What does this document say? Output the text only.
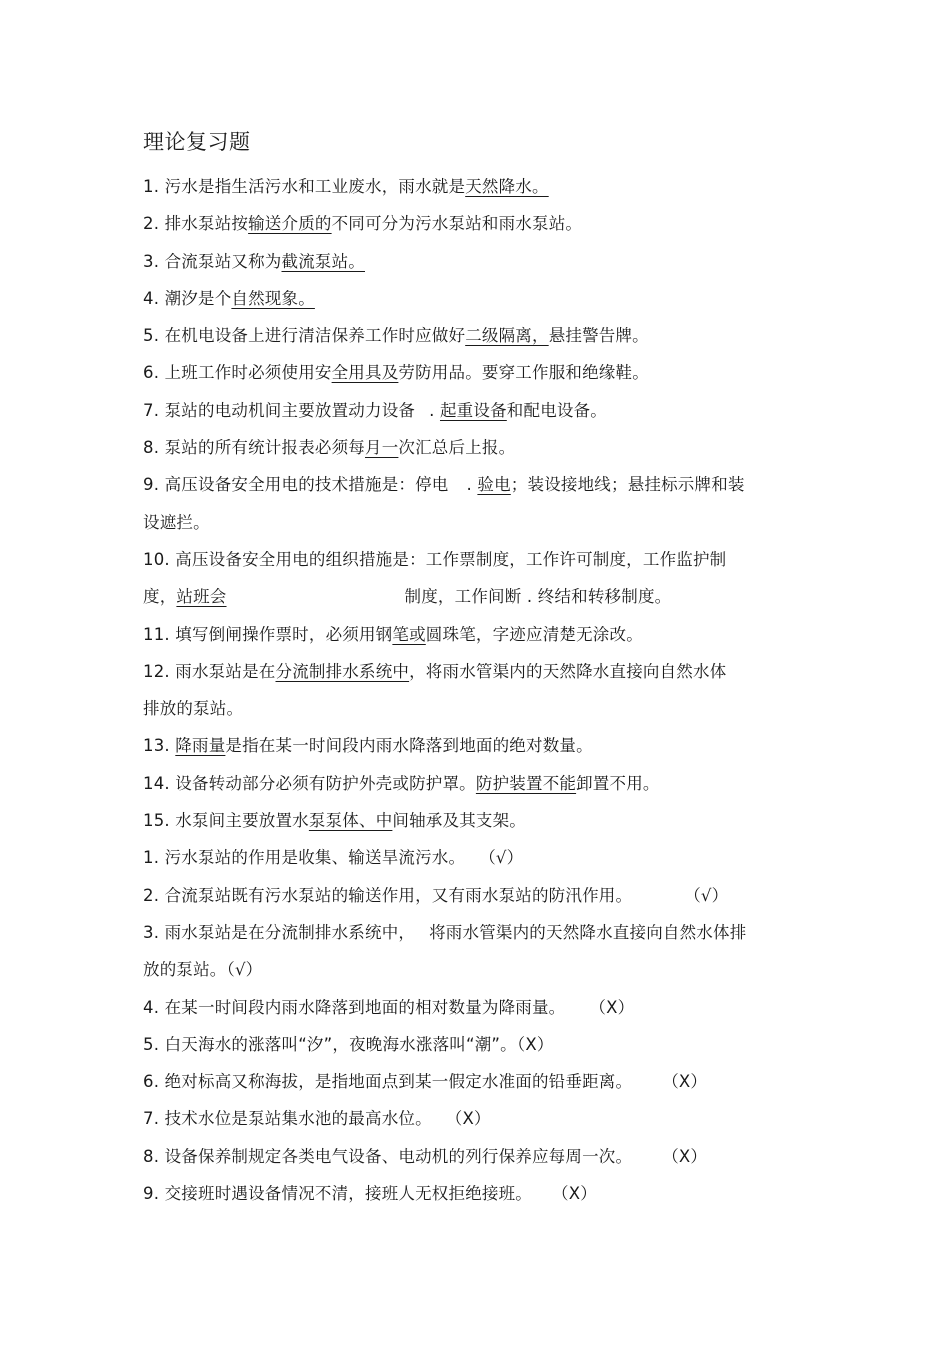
理论复习题
1. 污水是指生活污水和工业废水，雨水就是天然降水。
2. 排水泵站按输送介质的不同可分为污水泵站和雨水泵站。
3. 合流泵站又称为截流泵站。
4. 潮汐是个自然现象。
5. 在机电设备上进行清洁保养工作时应做好二级隔离，悬挂警告牌。
6. 上班工作时必须使用安全用具及劳防用品。要穿工作服和绝缘鞋。
7. 泵站的电动机间主要放置动力设备 . 起重设备和配电设备。
8. 泵站的所有统计报表必须每月一次汇总后上报。
9. 高压设备安全用电的技术措施是：停电 . 验电；装设接地线；悬挂标示牌和装
设遮拦。
10. 高压设备安全用电的组织措施是：工作票制度，工作许可制度，工作监护制
度，站班会	制度，工作间断 . 终结和转移制度。
11. 填写倒闸操作票时，必须用钢笔或圆珠笔，字迹应清楚无涂改。
12. 雨水泵站是在分流制排水系统中，将雨水管渠内的天然降水直接向自然水体
排放的泵站。
13. 降雨量是指在某一时间段内雨水降落到地面的绝对数量。
14. 设备转动部分必须有防护外壳或防护罩。防护装置不能卸置不用。
15. 水泵间主要放置水泵泵体、中间轴承及其支架。
1. 污水泵站的作用是收集、输送旱流污水。 （√）
2. 合流泵站既有污水泵站的输送作用，又有雨水泵站的防汛作用。	（√）
3. 雨水泵站是在分流制排水系统中， 将雨水管渠内的天然降水直接向自然水体排
放的泵站。（√）
4. 在某一时间段内雨水降落到地面的相对数量为降雨量。 （X）
5. 白天海水的涨落叫“汐”，夜晚海水涨落叫“潮”。（X）
6. 绝对标高又称海拔，是指地面点到某一假定水准面的铅垂距离。 （X）
7. 技术水位是泵站集水池的最高水位。 （X）
8. 设备保养制规定各类电气设备、电动机的列行保养应每周一次。 （X）
9. 交接班时遇设备情况不清，接班人无权拒绝接班。 （X）
